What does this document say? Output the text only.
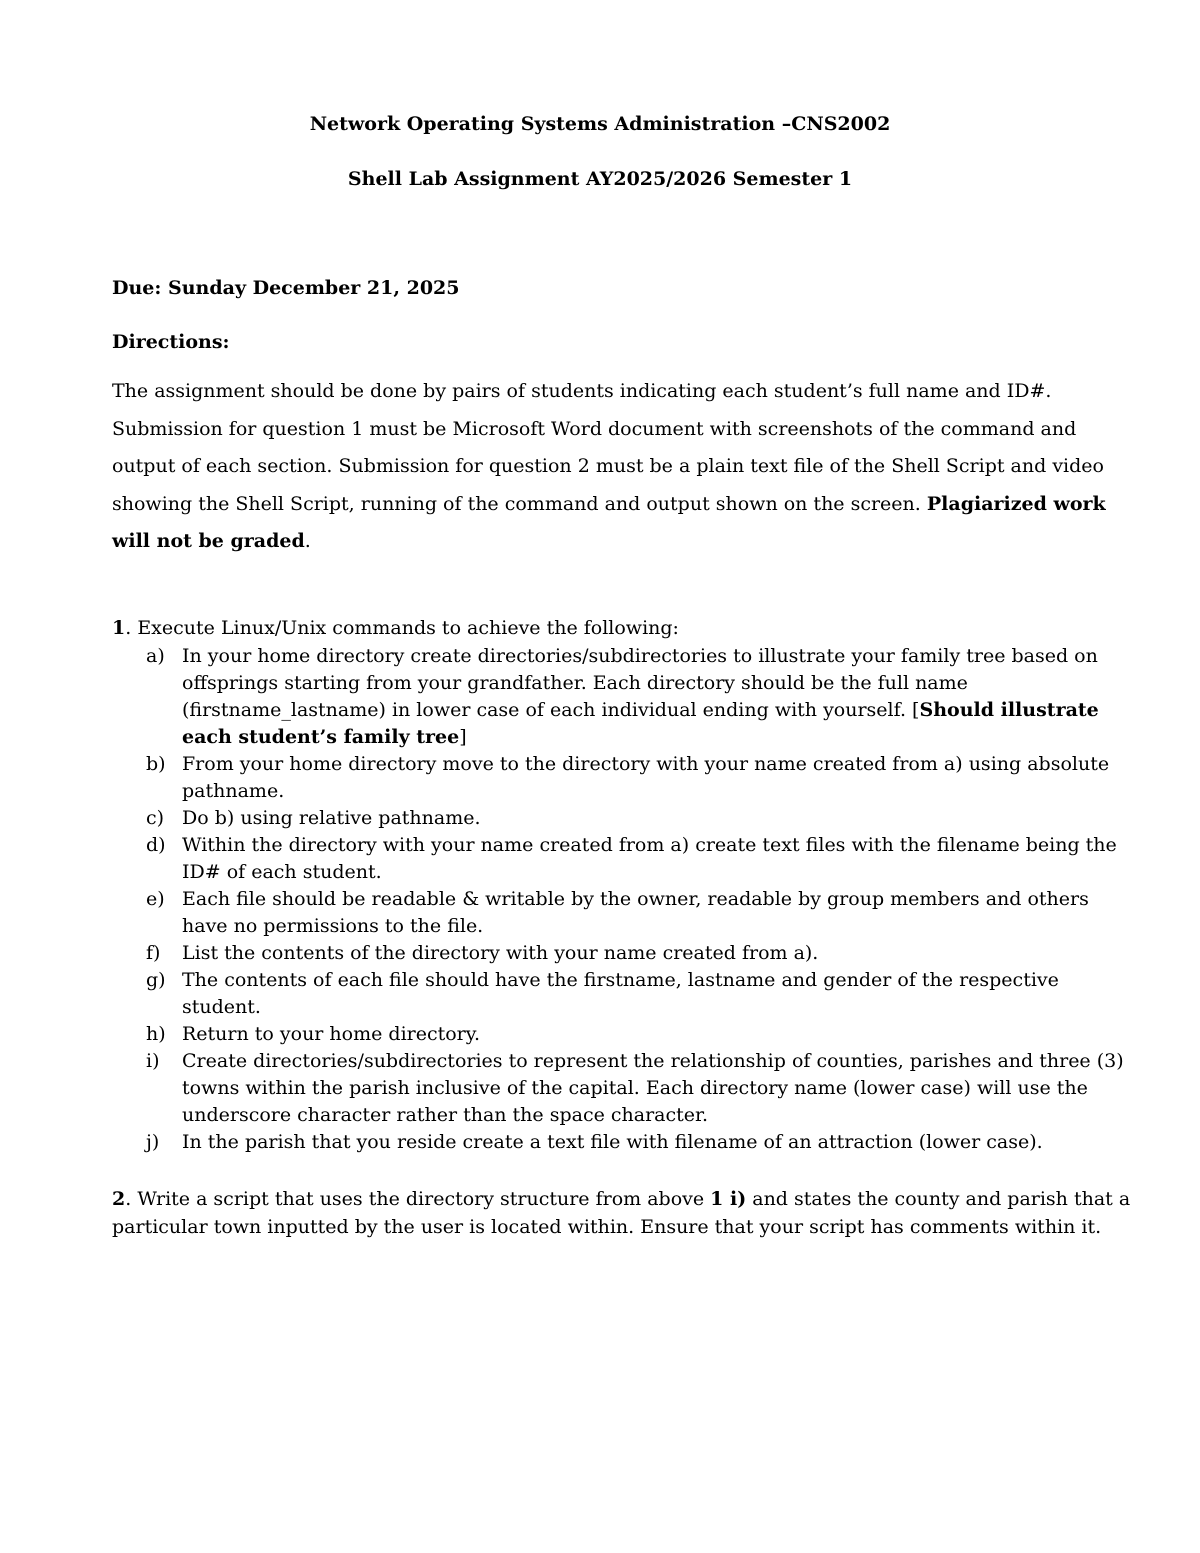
Network Operating Systems Administration –CNS2002
Shell Lab Assignment AY2025/2026 Semester 1
Due: Sunday December 21, 2025
Directions:
The assignment should be done by pairs of students indicating each student’s full name and ID#.
Submission for question 1 must be Microsoft Word document with screenshots of the command and
output of each section. Submission for question 2 must be a plain text file of the Shell Script and video
showing the Shell Script, running of the command and output shown on the screen. Plagiarized work
will not be graded.
1. Execute Linux/Unix commands to achieve the following:
a) In your home directory create directories/subdirectories to illustrate your family tree based on
offsprings starting from your grandfather. Each directory should be the full name
(firstname_lastname) in lower case of each individual ending with yourself. [Should illustrate
each student’s family tree]
b) From your home directory move to the directory with your name created from a) using absolute
pathname.
c) Do b) using relative pathname.
d) Within the directory with your name created from a) create text files with the filename being the
ID# of each student.
e) Each file should be readable & writable by the owner, readable by group members and others
have no permissions to the file.
f) List the contents of the directory with your name created from a).
g) The contents of each file should have the firstname, lastname and gender of the respective
student.
h) Return to your home directory.
i) Create directories/subdirectories to represent the relationship of counties, parishes and three (3)
towns within the parish inclusive of the capital. Each directory name (lower case) will use the
underscore character rather than the space character.
j) In the parish that you reside create a text file with filename of an attraction (lower case).
2. Write a script that uses the directory structure from above 1 i) and states the county and parish that a
particular town inputted by the user is located within. Ensure that your script has comments within it.
